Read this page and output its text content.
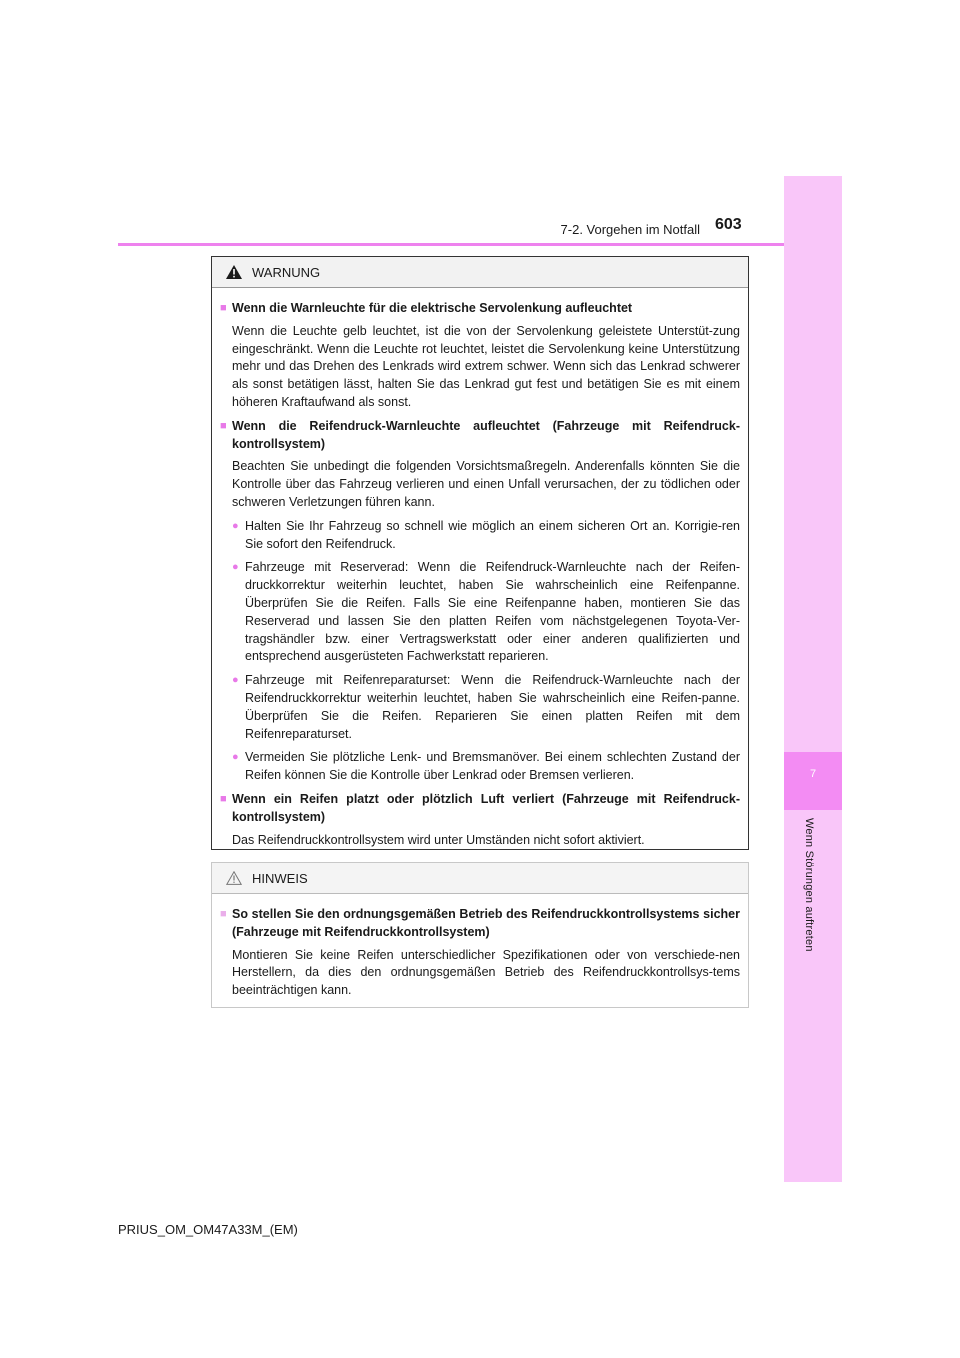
7-2. Vorgehen im Notfall 603
7
Wenn Störungen auftreten
WARNUNG
■ Wenn die Warnleuchte für die elektrische Servolenkung aufleuchtet
Wenn die Leuchte gelb leuchtet, ist die von der Servolenkung geleistete Unterstüt-zung eingeschränkt. Wenn die Leuchte rot leuchtet, leistet die Servolenkung keine Unterstützung mehr und das Drehen des Lenkrads wird extrem schwer. Wenn sich das Lenkrad schwerer als sonst betätigen lässt, halten Sie das Lenkrad gut fest und betätigen Sie es mit einem höheren Kraftaufwand als sonst.
■ Wenn die Reifendruck-Warnleuchte aufleuchtet (Fahrzeuge mit Reifendruck-kontrollsystem)
Beachten Sie unbedingt die folgenden Vorsichtsmaßregeln. Anderenfalls könnten Sie die Kontrolle über das Fahrzeug verlieren und einen Unfall verursachen, der zu tödlichen oder schweren Verletzungen führen kann.
● Halten Sie Ihr Fahrzeug so schnell wie möglich an einem sicheren Ort an. Korrigie-ren Sie sofort den Reifendruck.
● Fahrzeuge mit Reserverad: Wenn die Reifendruck-Warnleuchte nach der Reifen-druckkorrektur weiterhin leuchtet, haben Sie wahrscheinlich eine Reifenpanne. Überprüfen Sie die Reifen. Falls Sie eine Reifenpanne haben, montieren Sie das Reserverad und lassen Sie den platten Reifen vom nächstgelegenen Toyota-Ver-tragshändler bzw. einer Vertragswerkstatt oder einer anderen qualifizierten und entsprechend ausgerüsteten Fachwerkstatt reparieren.
● Fahrzeuge mit Reifenreparaturset: Wenn die Reifendruck-Warnleuchte nach der Reifendruckkorrektur weiterhin leuchtet, haben Sie wahrscheinlich eine Reifen-panne. Überprüfen Sie die Reifen. Reparieren Sie einen platten Reifen mit dem Reifenreparaturset.
● Vermeiden Sie plötzliche Lenk- und Bremsmanöver. Bei einem schlechten Zustand der Reifen können Sie die Kontrolle über Lenkrad oder Bremsen verlieren.
■ Wenn ein Reifen platzt oder plötzlich Luft verliert (Fahrzeuge mit Reifendruck-kontrollsystem)
Das Reifendruckkontrollsystem wird unter Umständen nicht sofort aktiviert.
HINWEIS
■ So stellen Sie den ordnungsgemäßen Betrieb des Reifendruckkontrollsystems sicher (Fahrzeuge mit Reifendruckkontrollsystem)
Montieren Sie keine Reifen unterschiedlicher Spezifikationen oder von verschiede-nen Herstellern, da dies den ordnungsgemäßen Betrieb des Reifendruckkontrollsys-tems beeinträchtigen kann.
PRIUS_OM_OM47A33M_(EM)
